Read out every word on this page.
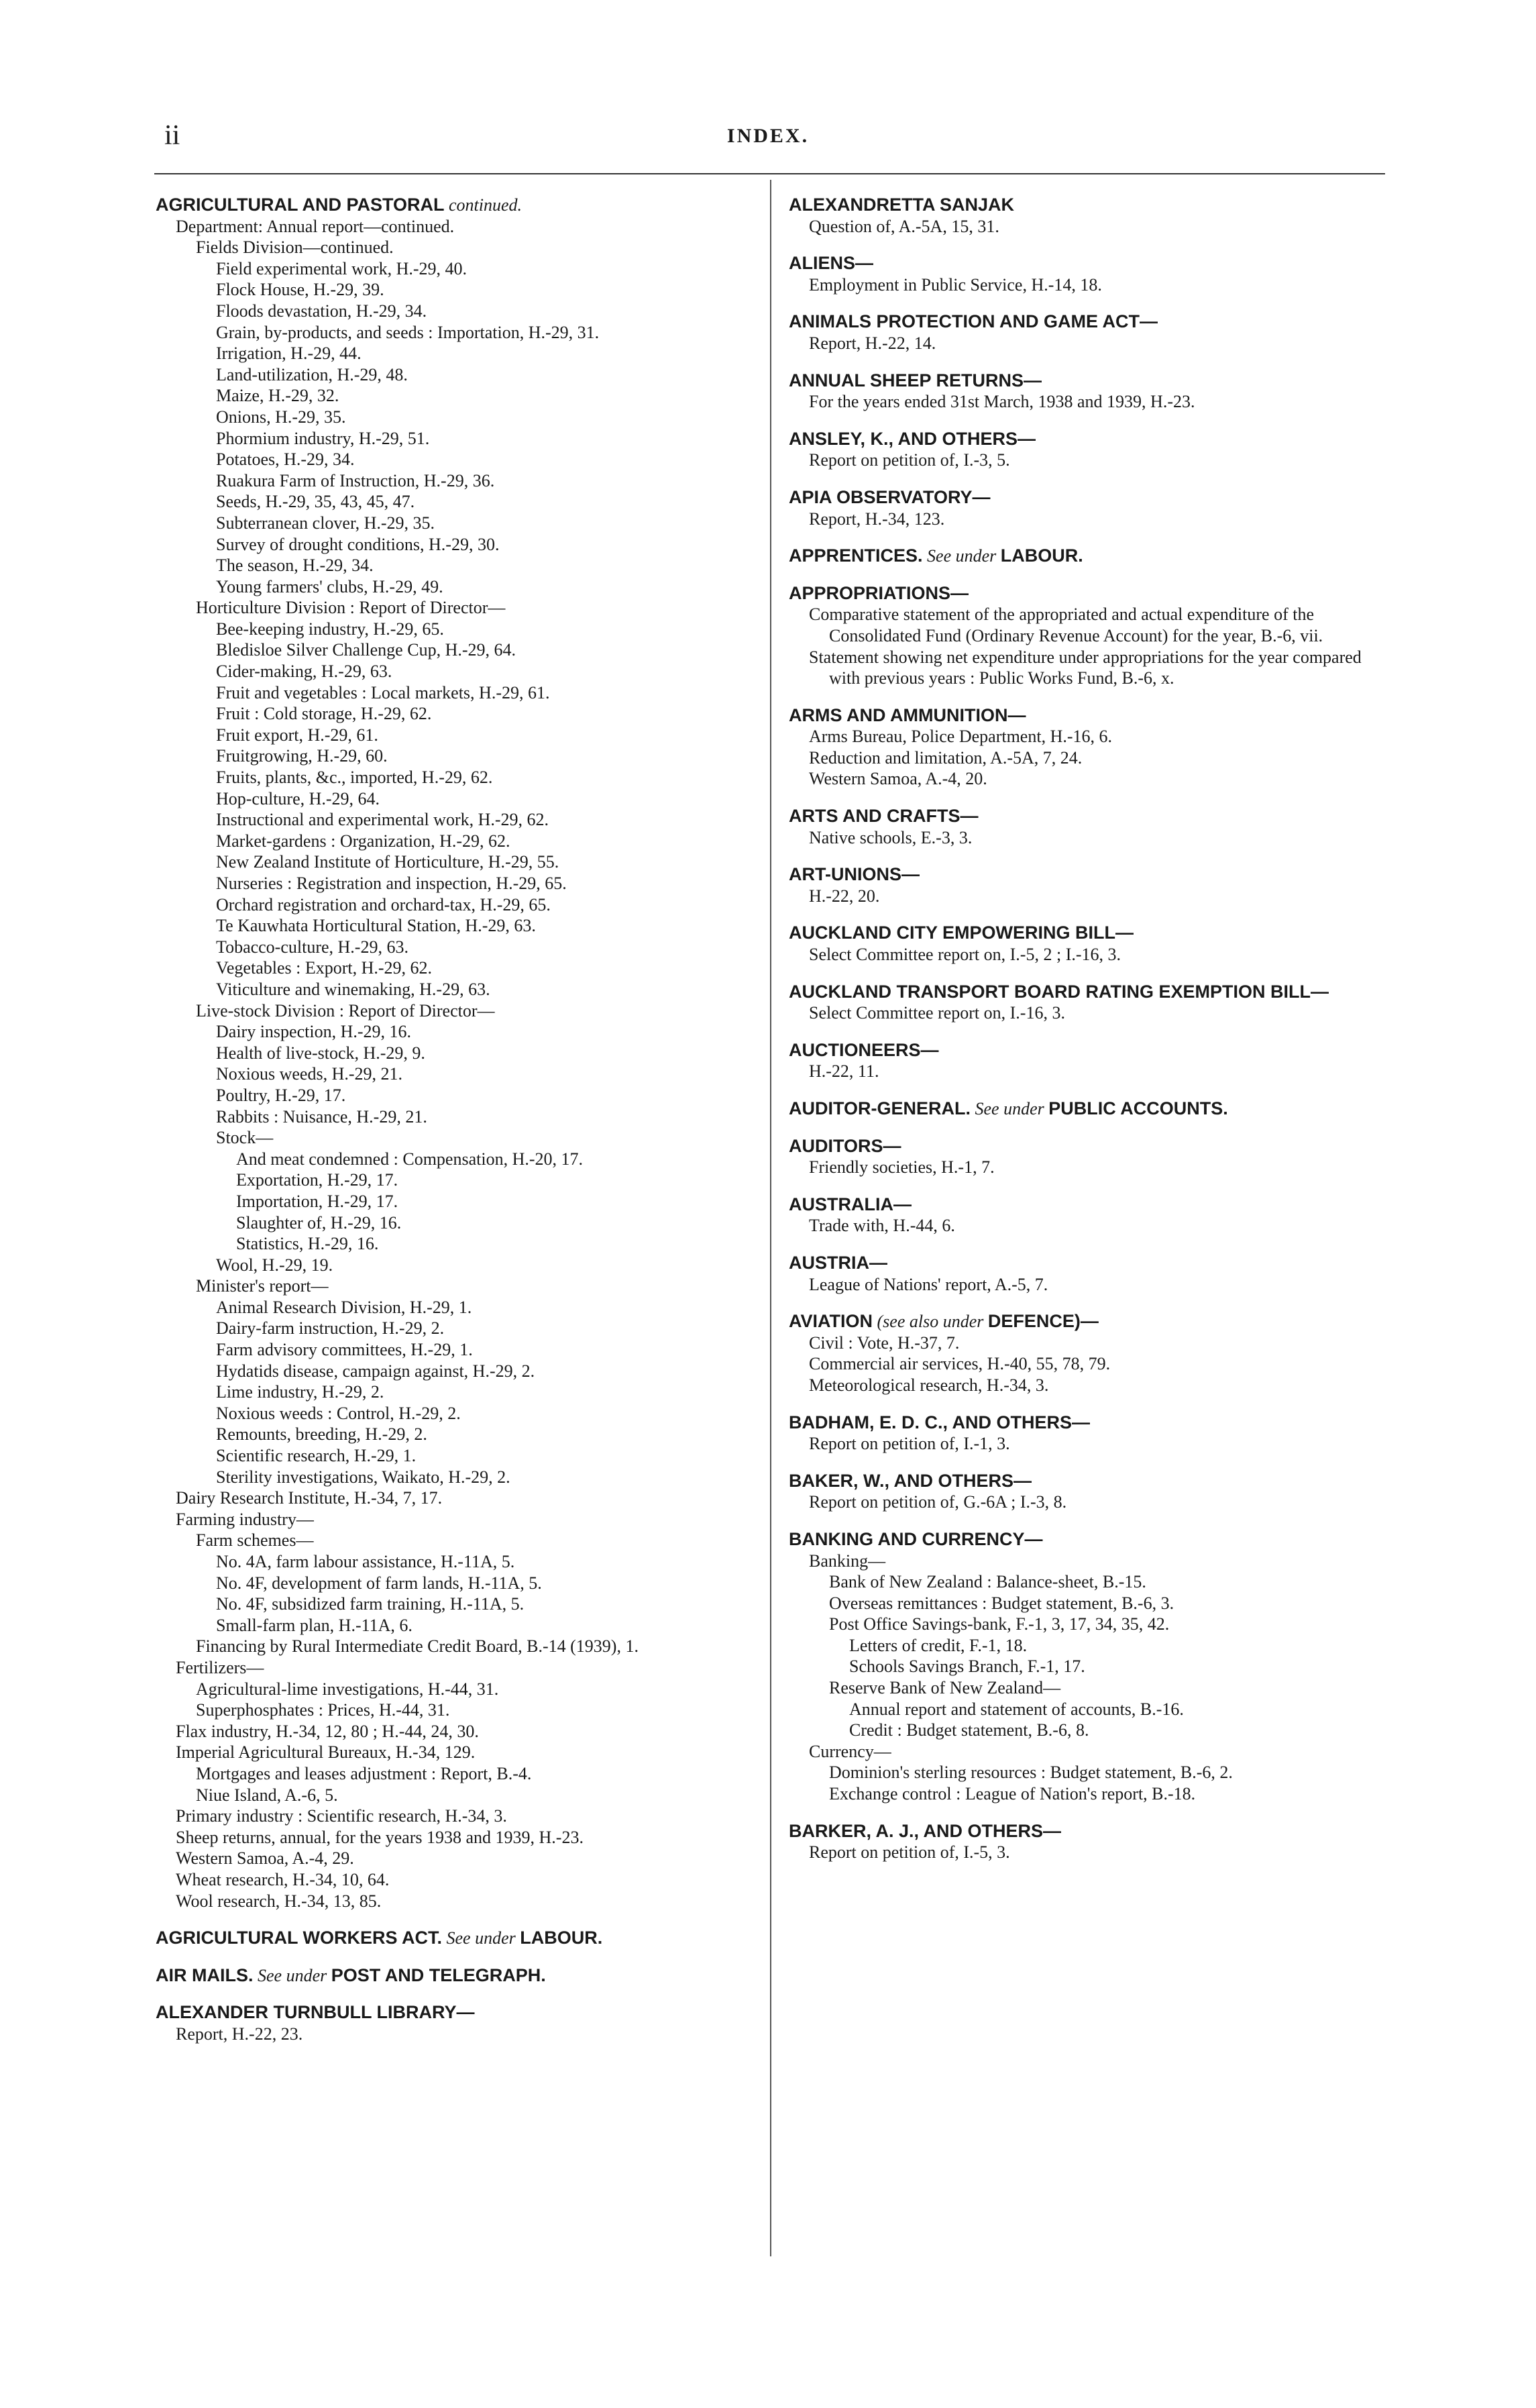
ii	INDEX.
AGRICULTURAL AND PASTORAL continued.
Department: Annual report—continued.
Fields Division—continued.
Field experimental work, H.-29, 40.
Flock House, H.-29, 39.
Floods devastation, H.-29, 34.
Grain, by-products, and seeds : Importation, H.-29, 31.
Irrigation, H.-29, 44.
Land-utilization, H.-29, 48.
Maize, H.-29, 32.
Onions, H.-29, 35.
Phormium industry, H.-29, 51.
Potatoes, H.-29, 34.
Ruakura Farm of Instruction, H.-29, 36.
Seeds, H.-29, 35, 43, 45, 47.
Subterranean clover, H.-29, 35.
Survey of drought conditions, H.-29, 30.
The season, H.-29, 34.
Young farmers' clubs, H.-29, 49.
Horticulture Division : Report of Director—
Bee-keeping industry, H.-29, 65.
Bledisloe Silver Challenge Cup, H.-29, 64.
Cider-making, H.-29, 63.
Fruit and vegetables : Local markets, H.-29, 61.
Fruit : Cold storage, H.-29, 62.
Fruit export, H.-29, 61.
Fruitgrowing, H.-29, 60.
Fruits, plants, &c., imported, H.-29, 62.
Hop-culture, H.-29, 64.
Instructional and experimental work, H.-29, 62.
Market-gardens : Organization, H.-29, 62.
New Zealand Institute of Horticulture, H.-29, 55.
Nurseries : Registration and inspection, H.-29, 65.
Orchard registration and orchard-tax, H.-29, 65.
Te Kauwhata Horticultural Station, H.-29, 63.
Tobacco-culture, H.-29, 63.
Vegetables : Export, H.-29, 62.
Viticulture and winemaking, H.-29, 63.
Live-stock Division : Report of Director—
Dairy inspection, H.-29, 16.
Health of live-stock, H.-29, 9.
Noxious weeds, H.-29, 21.
Poultry, H.-29, 17.
Rabbits : Nuisance, H.-29, 21.
Stock—
And meat condemned : Compensation, H.-20, 17.
Exportation, H.-29, 17.
Importation, H.-29, 17.
Slaughter of, H.-29, 16.
Statistics, H.-29, 16.
Wool, H.-29, 19.
Minister's report—
Animal Research Division, H.-29, 1.
Dairy-farm instruction, H.-29, 2.
Farm advisory committees, H.-29, 1.
Hydatids disease, campaign against, H.-29, 2.
Lime industry, H.-29, 2.
Noxious weeds : Control, H.-29, 2.
Remounts, breeding, H.-29, 2.
Scientific research, H.-29, 1.
Sterility investigations, Waikato, H.-29, 2.
Dairy Research Institute, H.-34, 7, 17.
Farming industry—
Farm schemes—
No. 4A, farm labour assistance, H.-11A, 5.
No. 4F, development of farm lands, H.-11A, 5.
No. 4F, subsidized farm training, H.-11A, 5.
Small-farm plan, H.-11A, 6.
Financing by Rural Intermediate Credit Board, B.-14 (1939), 1.
Fertilizers—
Agricultural-lime investigations, H.-44, 31.
Superphosphates : Prices, H.-44, 31.
Flax industry, H.-34, 12, 80 ; H.-44, 24, 30.
Imperial Agricultural Bureaux, H.-34, 129.
Mortgages and leases adjustment : Report, B.-4.
Niue Island, A.-6, 5.
Primary industry : Scientific research, H.-34, 3.
Sheep returns, annual, for the years 1938 and 1939, H.-23.
Western Samoa, A.-4, 29.
Wheat research, H.-34, 10, 64.
Wool research, H.-34, 13, 85.
AGRICULTURAL WORKERS ACT. See under LABOUR.
AIR MAILS. See under POST AND TELEGRAPH.
ALEXANDER TURNBULL LIBRARY—
Report, H.-22, 23.
ALEXANDRETTA SANJAK
Question of, A.-5A, 15, 31.
ALIENS—
Employment in Public Service, H.-14, 18.
ANIMALS PROTECTION AND GAME ACT—
Report, H.-22, 14.
ANNUAL SHEEP RETURNS—
For the years ended 31st March, 1938 and 1939, H.-23.
ANSLEY, K., AND OTHERS—
Report on petition of, I.-3, 5.
APIA OBSERVATORY—
Report, H.-34, 123.
APPRENTICES. See under LABOUR.
APPROPRIATIONS—
Comparative statement of the appropriated and actual expenditure of the Consolidated Fund (Ordinary Revenue Account) for the year, B.-6, vii.
Statement showing net expenditure under appropriations for the year compared with previous years : Public Works Fund, B.-6, x.
ARMS AND AMMUNITION—
Arms Bureau, Police Department, H.-16, 6.
Reduction and limitation, A.-5A, 7, 24.
Western Samoa, A.-4, 20.
ARTS AND CRAFTS—
Native schools, E.-3, 3.
ART-UNIONS—
H.-22, 20.
AUCKLAND CITY EMPOWERING BILL—
Select Committee report on, I.-5, 2 ; I.-16, 3.
AUCKLAND TRANSPORT BOARD RATING EXEMPTION BILL—
Select Committee report on, I.-16, 3.
AUCTIONEERS—
H.-22, 11.
AUDITOR-GENERAL. See under PUBLIC ACCOUNTS.
AUDITORS—
Friendly societies, H.-1, 7.
AUSTRALIA—
Trade with, H.-44, 6.
AUSTRIA—
League of Nations' report, A.-5, 7.
AVIATION (see also under DEFENCE)—
Civil : Vote, H.-37, 7.
Commercial air services, H.-40, 55, 78, 79.
Meteorological research, H.-34, 3.
BADHAM, E. D. C., AND OTHERS—
Report on petition of, I.-1, 3.
BAKER, W., AND OTHERS—
Report on petition of, G.-6A ; I.-3, 8.
BANKING AND CURRENCY—
Banking—
Bank of New Zealand : Balance-sheet, B.-15.
Overseas remittances : Budget statement, B.-6, 3.
Post Office Savings-bank, F.-1, 3, 17, 34, 35, 42.
Letters of credit, F.-1, 18.
Schools Savings Branch, F.-1, 17.
Reserve Bank of New Zealand—
Annual report and statement of accounts, B.-16.
Credit : Budget statement, B.-6, 8.
Currency—
Dominion's sterling resources : Budget statement, B.-6, 2.
Exchange control : League of Nation's report, B.-18.
BARKER, A. J., AND OTHERS—
Report on petition of, I.-5, 3.
